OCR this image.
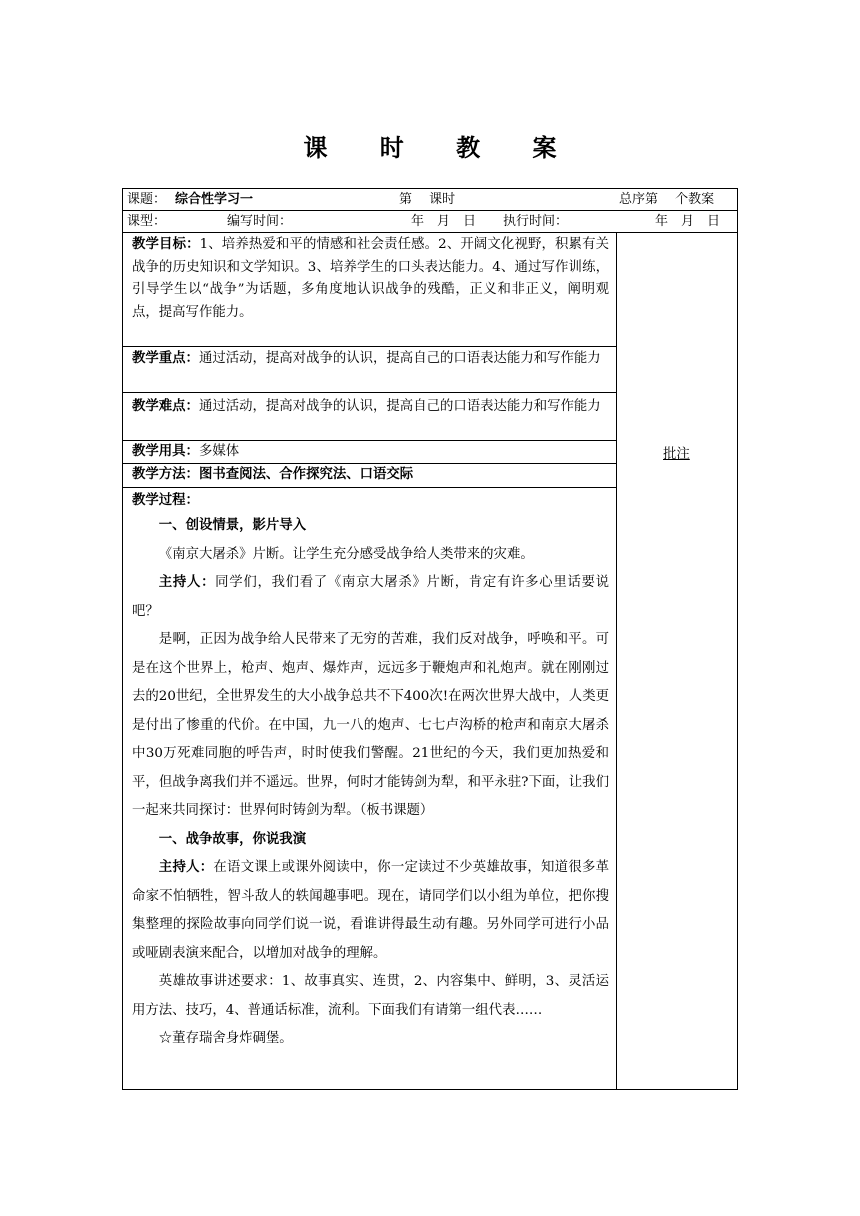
课 时 教 案
课题： 综合性学习一	第　 课时	总序第　 个教案
课型：	编写时间：	年　月　日 执行时间：	年　月　日
教学目标：1、培养热爱和平的情感和社会责任感。2、开阔文化视野，积累有关战争的历史知识和文学知识。3、培养学生的口头表达能力。4、通过写作训练，引导学生以“战争”为话题，多角度地认识战争的残酷，正义和非正义，阐明观点，提高写作能力。
教学重点：通过活动，提高对战争的认识，提高自己的口语表达能力和写作能力
教学难点：通过活动，提高对战争的认识，提高自己的口语表达能力和写作能力
教学用具：多媒体
教学方法：图书查阅法、合作探究法、口语交际

教学过程：

一、创设情景，影片导入

《南京大屠杀》片断。让学生充分感受战争给人类带来的灾难。

主持人：同学们，我们看了《南京大屠杀》片断，肯定有许多心里话要说吧？

是啊，正因为战争给人民带来了无穷的苦难，我们反对战争，呼唤和平。可是在这个世界上，枪声、炮声、爆炸声，远远多于鞭炮声和礼炮声。就在刚刚过去的20世纪，全世界发生的大小战争总共不下400次!在两次世界大战中，人类更是付出了惨重的代价。在中国，九一八的炮声、七七卢沟桥的枪声和南京大屠杀中30万死难同胞的呼告声，时时使我们警醒。21世纪的今天，我们更加热爱和平，但战争离我们并不遥远。世界，何时才能铸剑为犁，和平永驻?下面，让我们一起来共同探讨：世界何时铸剑为犁。（板书课题）

一、战争故事，你说我演

主持人：在语文课上或课外阅读中，你一定读过不少英雄故事，知道很多革命家不怕牺牲，智斗敌人的轶闻趣事吧。现在，请同学们以小组为单位，把你搜集整理的探险故事向同学们说一说，看谁讲得最生动有趣。另外同学可进行小品或哑剧表演来配合，以增加对战争的理解。

英雄故事讲述要求：1、故事真实、连贯，2、内容集中、鲜明，3、灵活运用方法、技巧，4、普通话标准，流利。下面我们有请第一组代表……

☆董存瑞舍身炸碉堡。

批注
